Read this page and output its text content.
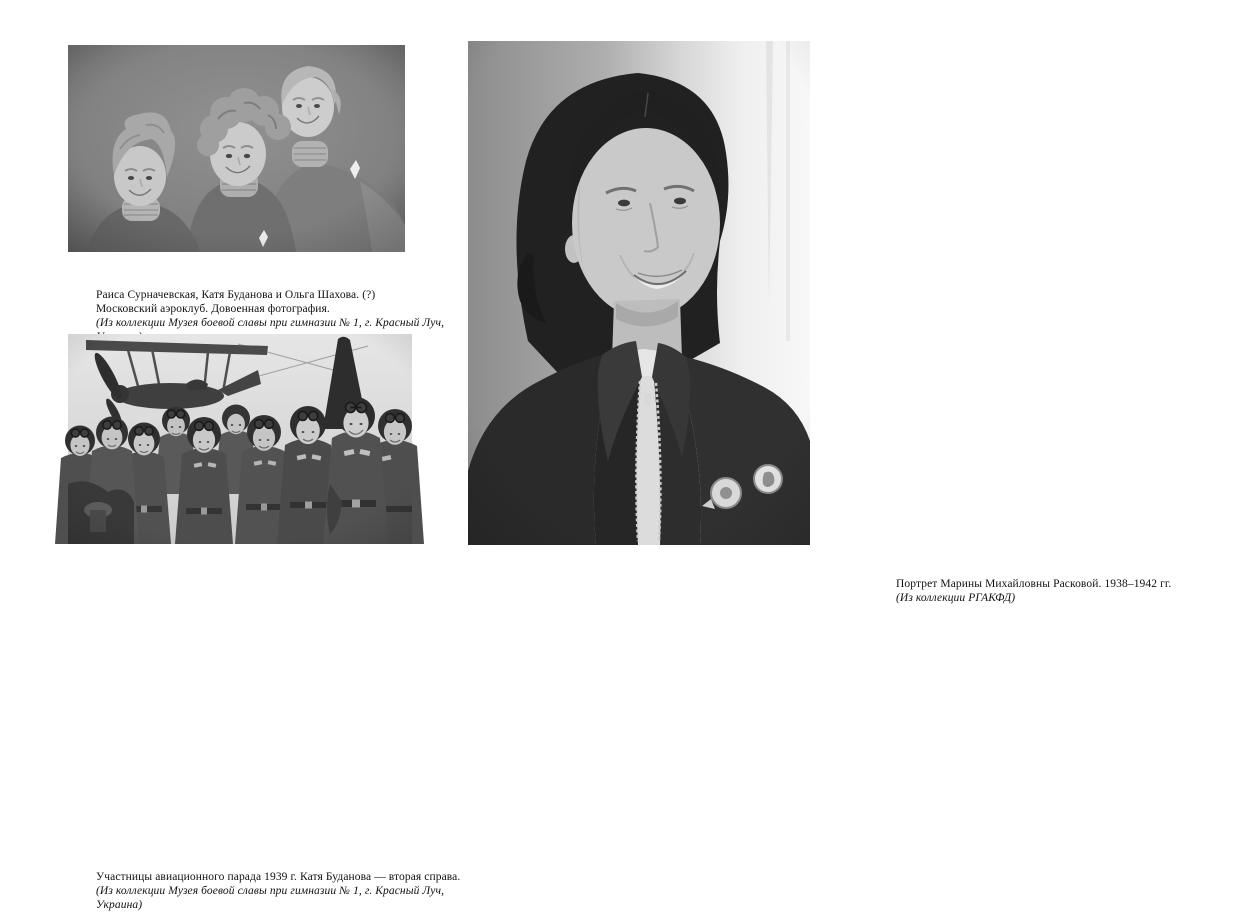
Раиса Сурначевская, Катя Буданова и Ольга Шахова. (?)
Московский аэроклуб. Довоенная фотография.
(Из коллекции Музея боевой славы при гимназии № 1, г. Красный Луч,
Участницы авиационного парада 1939 г. Катя Буданова — вторая справа.
(Из коллекции Музея боевой славы при гимназии № 1, г. Красный Луч,
Украина)
Портрет Марины Михайловны Расковой. 1938–1942 гг.
(Из коллекции РГАКФД)
